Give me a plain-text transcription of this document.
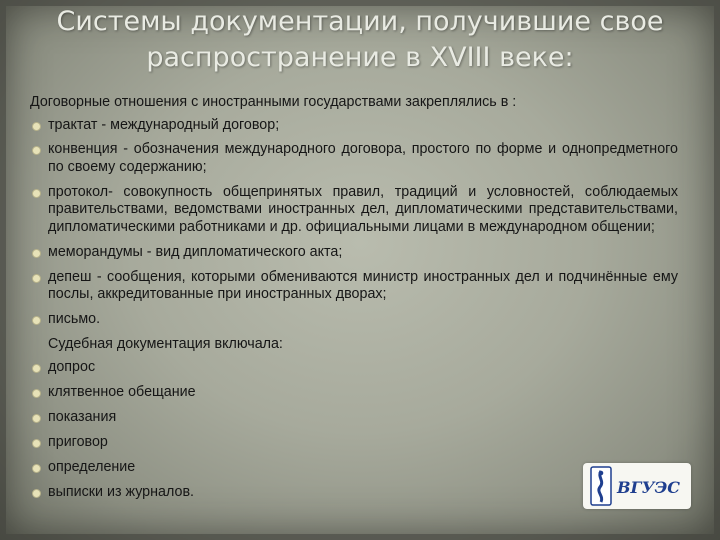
Системы документации, получившие свое распространение в XVIII веке:

Договорные отношения с иностранными государствами закреплялись в :

трактат - международный договор;
конвенция - обозначения международного договора, простого по форме и однопредметного по своему содержанию;
протокол- совокупность общепринятых правил, традиций и условностей, соблюдаемых правительствами, ведомствами иностранных дел, дипломатическими представительствами, дипломатическими работниками и др. официальными лицами в международном общении;
меморандумы - вид дипломатического акта;
депеш - сообщения, которыми обмениваются министр иностранных дел и подчинённые ему послы, аккредитованные при иностранных дворах;
письмо.

Судебная документация включала:

допрос
клятвенное обещание
показания
приговор
определение
выписки из журналов.	ВГУЭС
